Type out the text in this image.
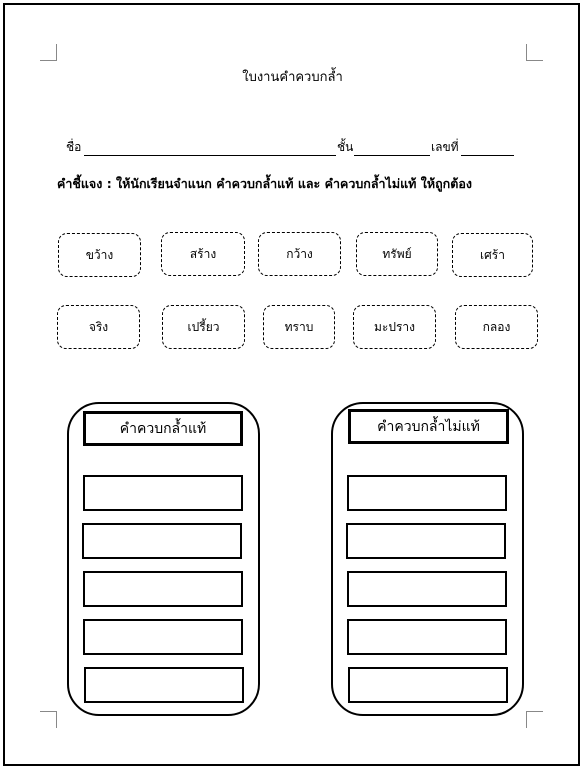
ใบงานคำควบกล้ำ
ชื่อ	ชั้น	เลขที่
คำชี้แจง : ให้นักเรียนจำแนก คำควบกล้ำแท้ และ คำควบกล้ำไม่แท้ ให้ถูกต้อง
ขว้าง	สร้าง	กว้าง	ทรัพย์	เศร้า
จริง	เปรี้ยว	ทราบ	มะปราง	กลอง
คำควบกล้ำแท้	คำควบกล้ำไม่แท้
